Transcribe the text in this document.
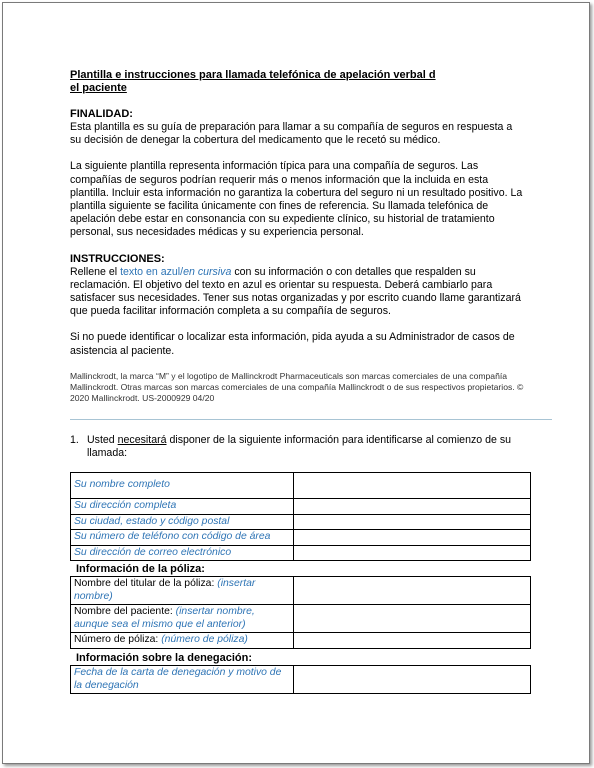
Plantilla e instrucciones para llamada telefónica de apelación verbal d
el paciente

FINALIDAD:

Esta plantilla es su guía de preparación para llamar a su compañía de seguros en respuesta a su decisión de denegar la cobertura del medicamento que le recetó su médico.

La siguiente plantilla representa información típica para una compañía de seguros. Las compañías de seguros podrían requerir más o menos información que la incluida en esta plantilla. Incluir esta información no garantiza la cobertura del seguro ni un resultado positivo. La plantilla siguiente se facilita únicamente con fines de referencia. Su llamada telefónica de apelación debe estar en consonancia con su expediente clínico, su historial de tratamiento personal, sus necesidades médicas y su experiencia personal.

INSTRUCCIONES:

Rellene el texto en azul/en cursiva con su información o con detalles que respalden su reclamación. El objetivo del texto en azul es orientar su respuesta. Deberá cambiarlo para satisfacer sus necesidades. Tener sus notas organizadas y por escrito cuando llame garantizará que pueda facilitar información completa a su compañía de seguros.

Si no puede identificar o localizar esta información, pida ayuda a su Administrador de casos de asistencia al paciente.

Mallinckrodt, la marca “M” y el logotipo de Mallinckrodt Pharmaceuticals son marcas comerciales de una compañía Mallinckrodt. Otras marcas son marcas comerciales de una compañía Mallinckrodt o de sus respectivos propietarios. © 2020 Mallinckrodt. US-2000929 04/20

1. Usted necesitará disponer de la siguiente información para identificarse al comienzo de su llamada:
Su nombre completo	
Su dirección completa	
Su ciudad, estado y código postal	
Su número de teléfono con código de área	
Su dirección de correo electrónico	
Información de la póliza:
Nombre del titular de la póliza: (insertar nombre)	
Nombre del paciente: (insertar nombre, aunque sea el mismo que el anterior)	
Número de póliza: (número de póliza)	
Información sobre la denegación:
Fecha de la carta de denegación y motivo de la denegación	
